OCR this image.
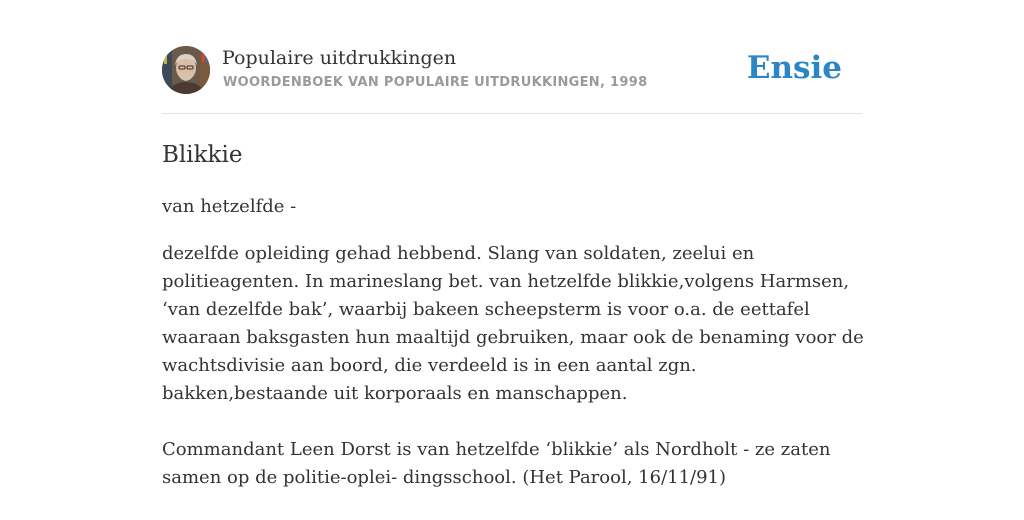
Populaire uitdrukkingen
WOORDENBOEK VAN POPULAIRE UITDRUKKINGEN, 1998	Ensie
Blikkie
van hetzelfde -

dezelfde opleiding gehad hebbend. Slang van soldaten, zeelui en politieagenten. In marineslang bet. van hetzelfde blikkie,volgens Harmsen, ‘van dezelfde bak’, waarbij bakeen scheepsterm is voor o.a. de eettafel waaraan baksgasten hun maaltijd gebruiken, maar ook de benaming voor de wachtsdivisie aan boord, die verdeeld is in een aantal zgn. bakken,bestaande uit korporaals en manschappen.

Commandant Leen Dorst is van hetzelfde ‘blikkie’ als Nordholt - ze zaten samen op de politie-oplei- dingsschool. (Het Parool, 16/11/91)
